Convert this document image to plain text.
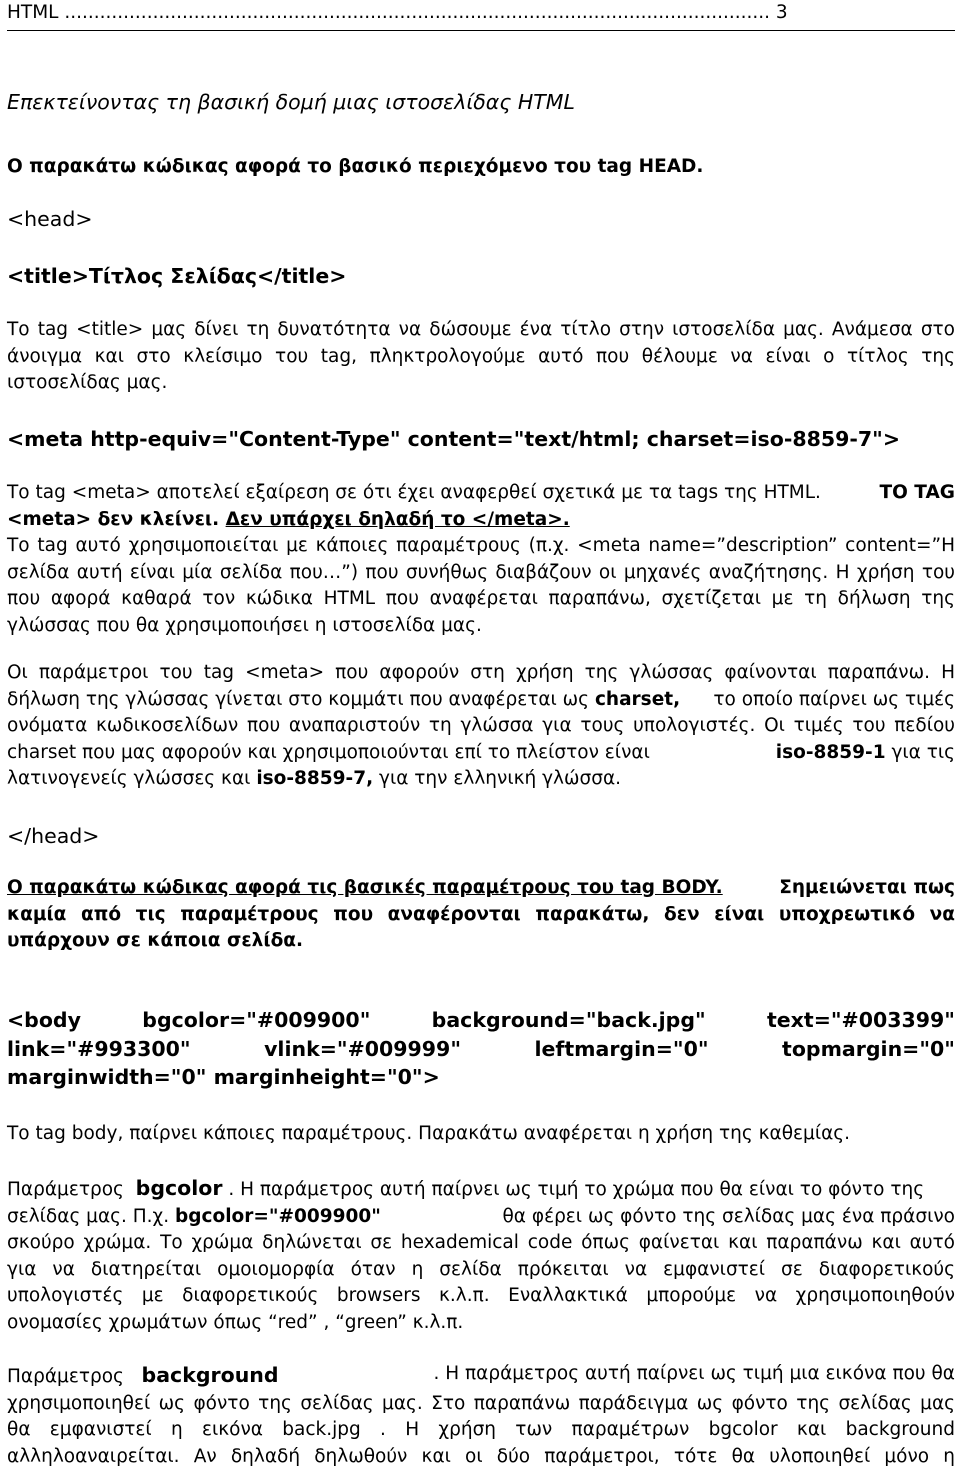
HTML ........................................................................................................................ 3
Επεκτείνοντας τη βασική δομή μιας ιστοσελίδας HTML
Ο παρακάτω κώδικας αφορά το βασικό περιεχόμενο του tag HEAD.
<head>
<title>Τίτλος Σελίδας</title>
Το tag <title> μας δίνει τη δυνατότητα να δώσουμε ένα τίτλο στην ιστοσελίδα μας. Ανάμεσα στο
άνοιγμα και στο κλείσιμο του tag, πληκτρολογούμε αυτό που θέλουμε να είναι ο τίτλος της
ιστοσελίδας μας.
<meta http-equiv="Content-Type" content="text/html; charset=iso-8859-7">
Το tag <meta> αποτελεί εξαίρεση σε ότι έχει αναφερθεί σχετικά με τα tags της HTML.	ΤΟ TAG
<meta> δεν κλείνει. Δεν υπάρχει δηλαδή το </meta>.
Το tag αυτό χρησιμοποιείται με κάποιες παραμέτρους (π.χ. <meta name=”description” content=”Η
σελίδα αυτή είναι μία σελίδα που…”) που συνήθως διαβάζουν οι μηχανές αναζήτησης. Η χρήση του
που αφορά καθαρά τον κώδικα HTML που αναφέρεται παραπάνω, σχετίζεται με τη δήλωση της
γλώσσας που θα χρησιμοποιήσει η ιστοσελίδα μας.
Οι παράμετροι του tag <meta> που αφορούν στη χρήση της γλώσσας φαίνονται παραπάνω. Η
δήλωση της γλώσσας γίνεται στο κομμάτι που αναφέρεται ως charset, το οποίο παίρνει ως τιμές
ονόματα κωδικοσελίδων που αναπαριστούν τη γλώσσα για τους υπολογιστές. Οι τιμές του πεδίου
charset που μας αφορούν και χρησιμοποιούνται επί το πλείστον είναι	iso-8859-1 για τις
λατινογενείς γλώσσες και iso-8859-7, για την ελληνική γλώσσα.
</head>
Ο παρακάτω κώδικας αφορά τις βασικές παραμέτρους του tag BODY.	Σημειώνεται πως
καμία από τις παραμέτρους που αναφέρονται παρακάτω, δεν είναι υποχρεωτικό να
υπάρχουν σε κάποια σελίδα.
<body	bgcolor="#009900"	background="back.jpg"	text="#003399"
link="#993300"	vlink="#009999"	leftmargin="0"	topmargin="0"
marginwidth="0" marginheight="0">
Το tag body, παίρνει κάποιες παραμέτρους. Παρακάτω αναφέρεται η χρήση της καθεμίας.
Παράμετρος bgcolor . Η παράμετρος αυτή παίρνει ως τιμή το χρώμα που θα είναι το φόντο της
σελίδας μας. Π.χ. bgcolor="#009900"	θα φέρει ως φόντο της σελίδας μας ένα πράσινο
σκούρο χρώμα. Το χρώμα δηλώνεται σε hexademical code όπως φαίνεται και παραπάνω και αυτό
για να διατηρείται ομοιομορφία όταν η σελίδα πρόκειται να εμφανιστεί σε διαφορετικούς
υπολογιστές με διαφορετικούς browsers κ.λ.π. Εναλλακτικά μπορούμε να χρησιμοποιηθούν
ονομασίες χρωμάτων όπως “red” , “green” κ.λ.π.
Παράμετρος background	. Η παράμετρος αυτή παίρνει ως τιμή μια εικόνα που θα
χρησιμοποιηθεί ως φόντο της σελίδας μας. Στο παραπάνω παράδειγμα ως φόντο της σελίδας μας
θα εμφανιστεί η εικόνα back.jpg . Η χρήση των παραμέτρων bgcolor και background
αλληλοαναιρείται. Αν δηλαδή δηλωθούν και οι δύο παράμετροι, τότε θα υλοποιηθεί μόνο η
